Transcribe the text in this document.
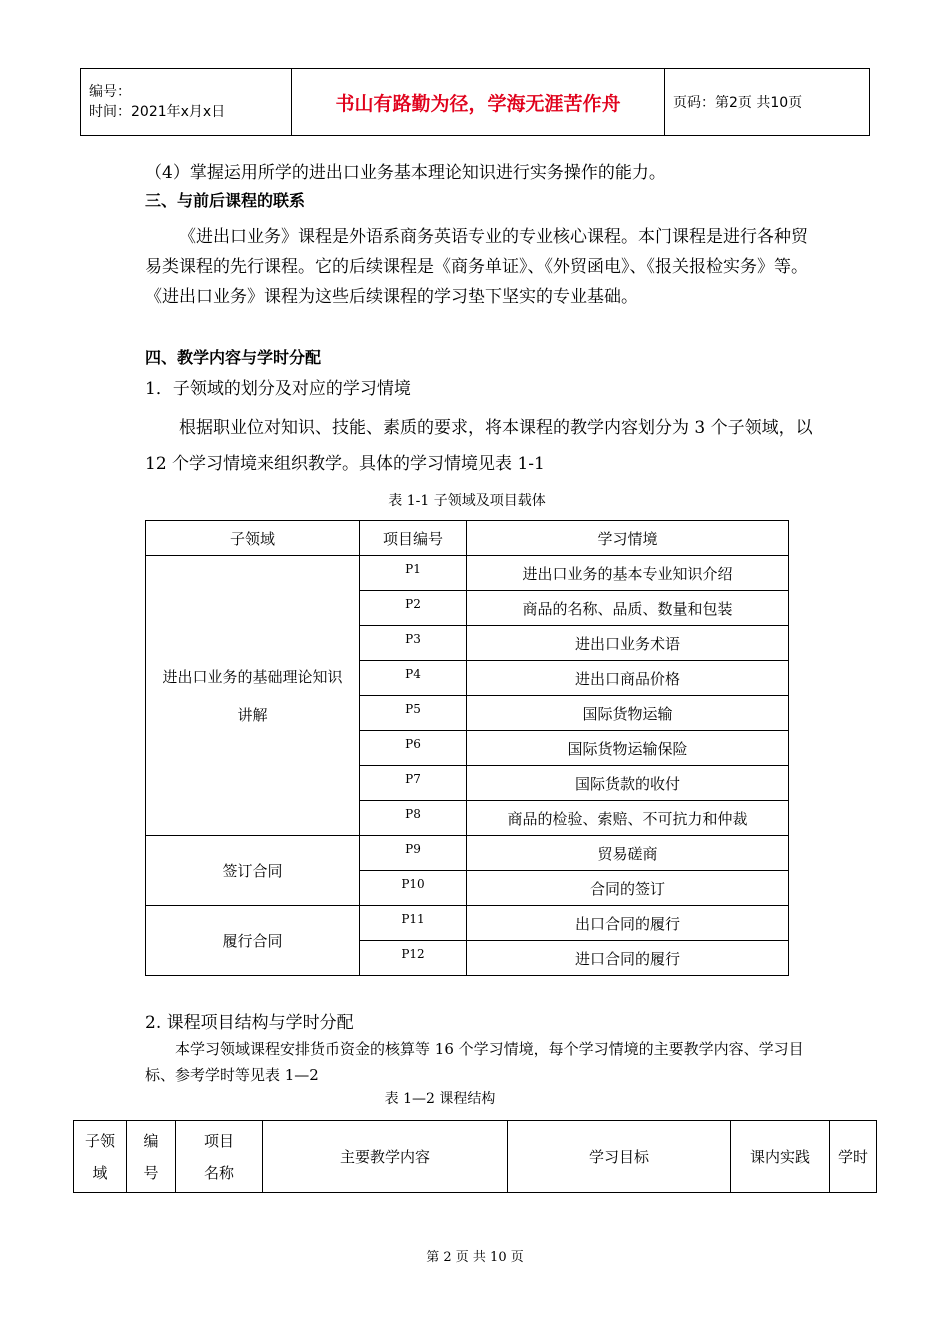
编号：
时间：2021年x月x日	书山有路勤为径，学海无涯苦作舟	页码：第2页 共10页
（4）掌握运用所学的进出口业务基本理论知识进行实务操作的能力。
三、与前后课程的联系
《进出口业务》课程是外语系商务英语专业的专业核心课程。本门课程是进行各种贸易类课程的先行课程。它的后续课程是《商务单证》、《外贸函电》、《报关报检实务》等。《进出口业务》课程为这些后续课程的学习垫下坚实的专业基础。
四、教学内容与学时分配
1．子领域的划分及对应的学习情境
根据职业位对知识、技能、素质的要求，将本课程的教学内容划分为 3 个子领域，以 12 个学习情境来组织教学。具体的学习情境见表 1-1
表 1-1 子领域及项目载体
子领域	项目编号	学习情境
进出口业务的基础理论知识讲解	P1	进出口业务的基本专业知识介绍
	P2	商品的名称、品质、数量和包装
	P3	进出口业务术语
	P4	进出口商品价格
	P5	国际货物运输
	P6	国际货物运输保险
	P7	国际货款的收付
	P8	商品的检验、索赔、不可抗力和仲裁
签订合同	P9	贸易磋商
	P10	合同的签订
履行合同	P11	出口合同的履行
	P12	进口合同的履行
2. 课程项目结构与学时分配
本学习领域课程安排货币资金的核算等 16 个学习情境，每个学习情境的主要教学内容、学习目标、参考学时等见表 1—2
表 1—2 课程结构
子领域	编号	项目名称	主要教学内容	学习目标	课内实践	学时
第 2 页 共 10 页
